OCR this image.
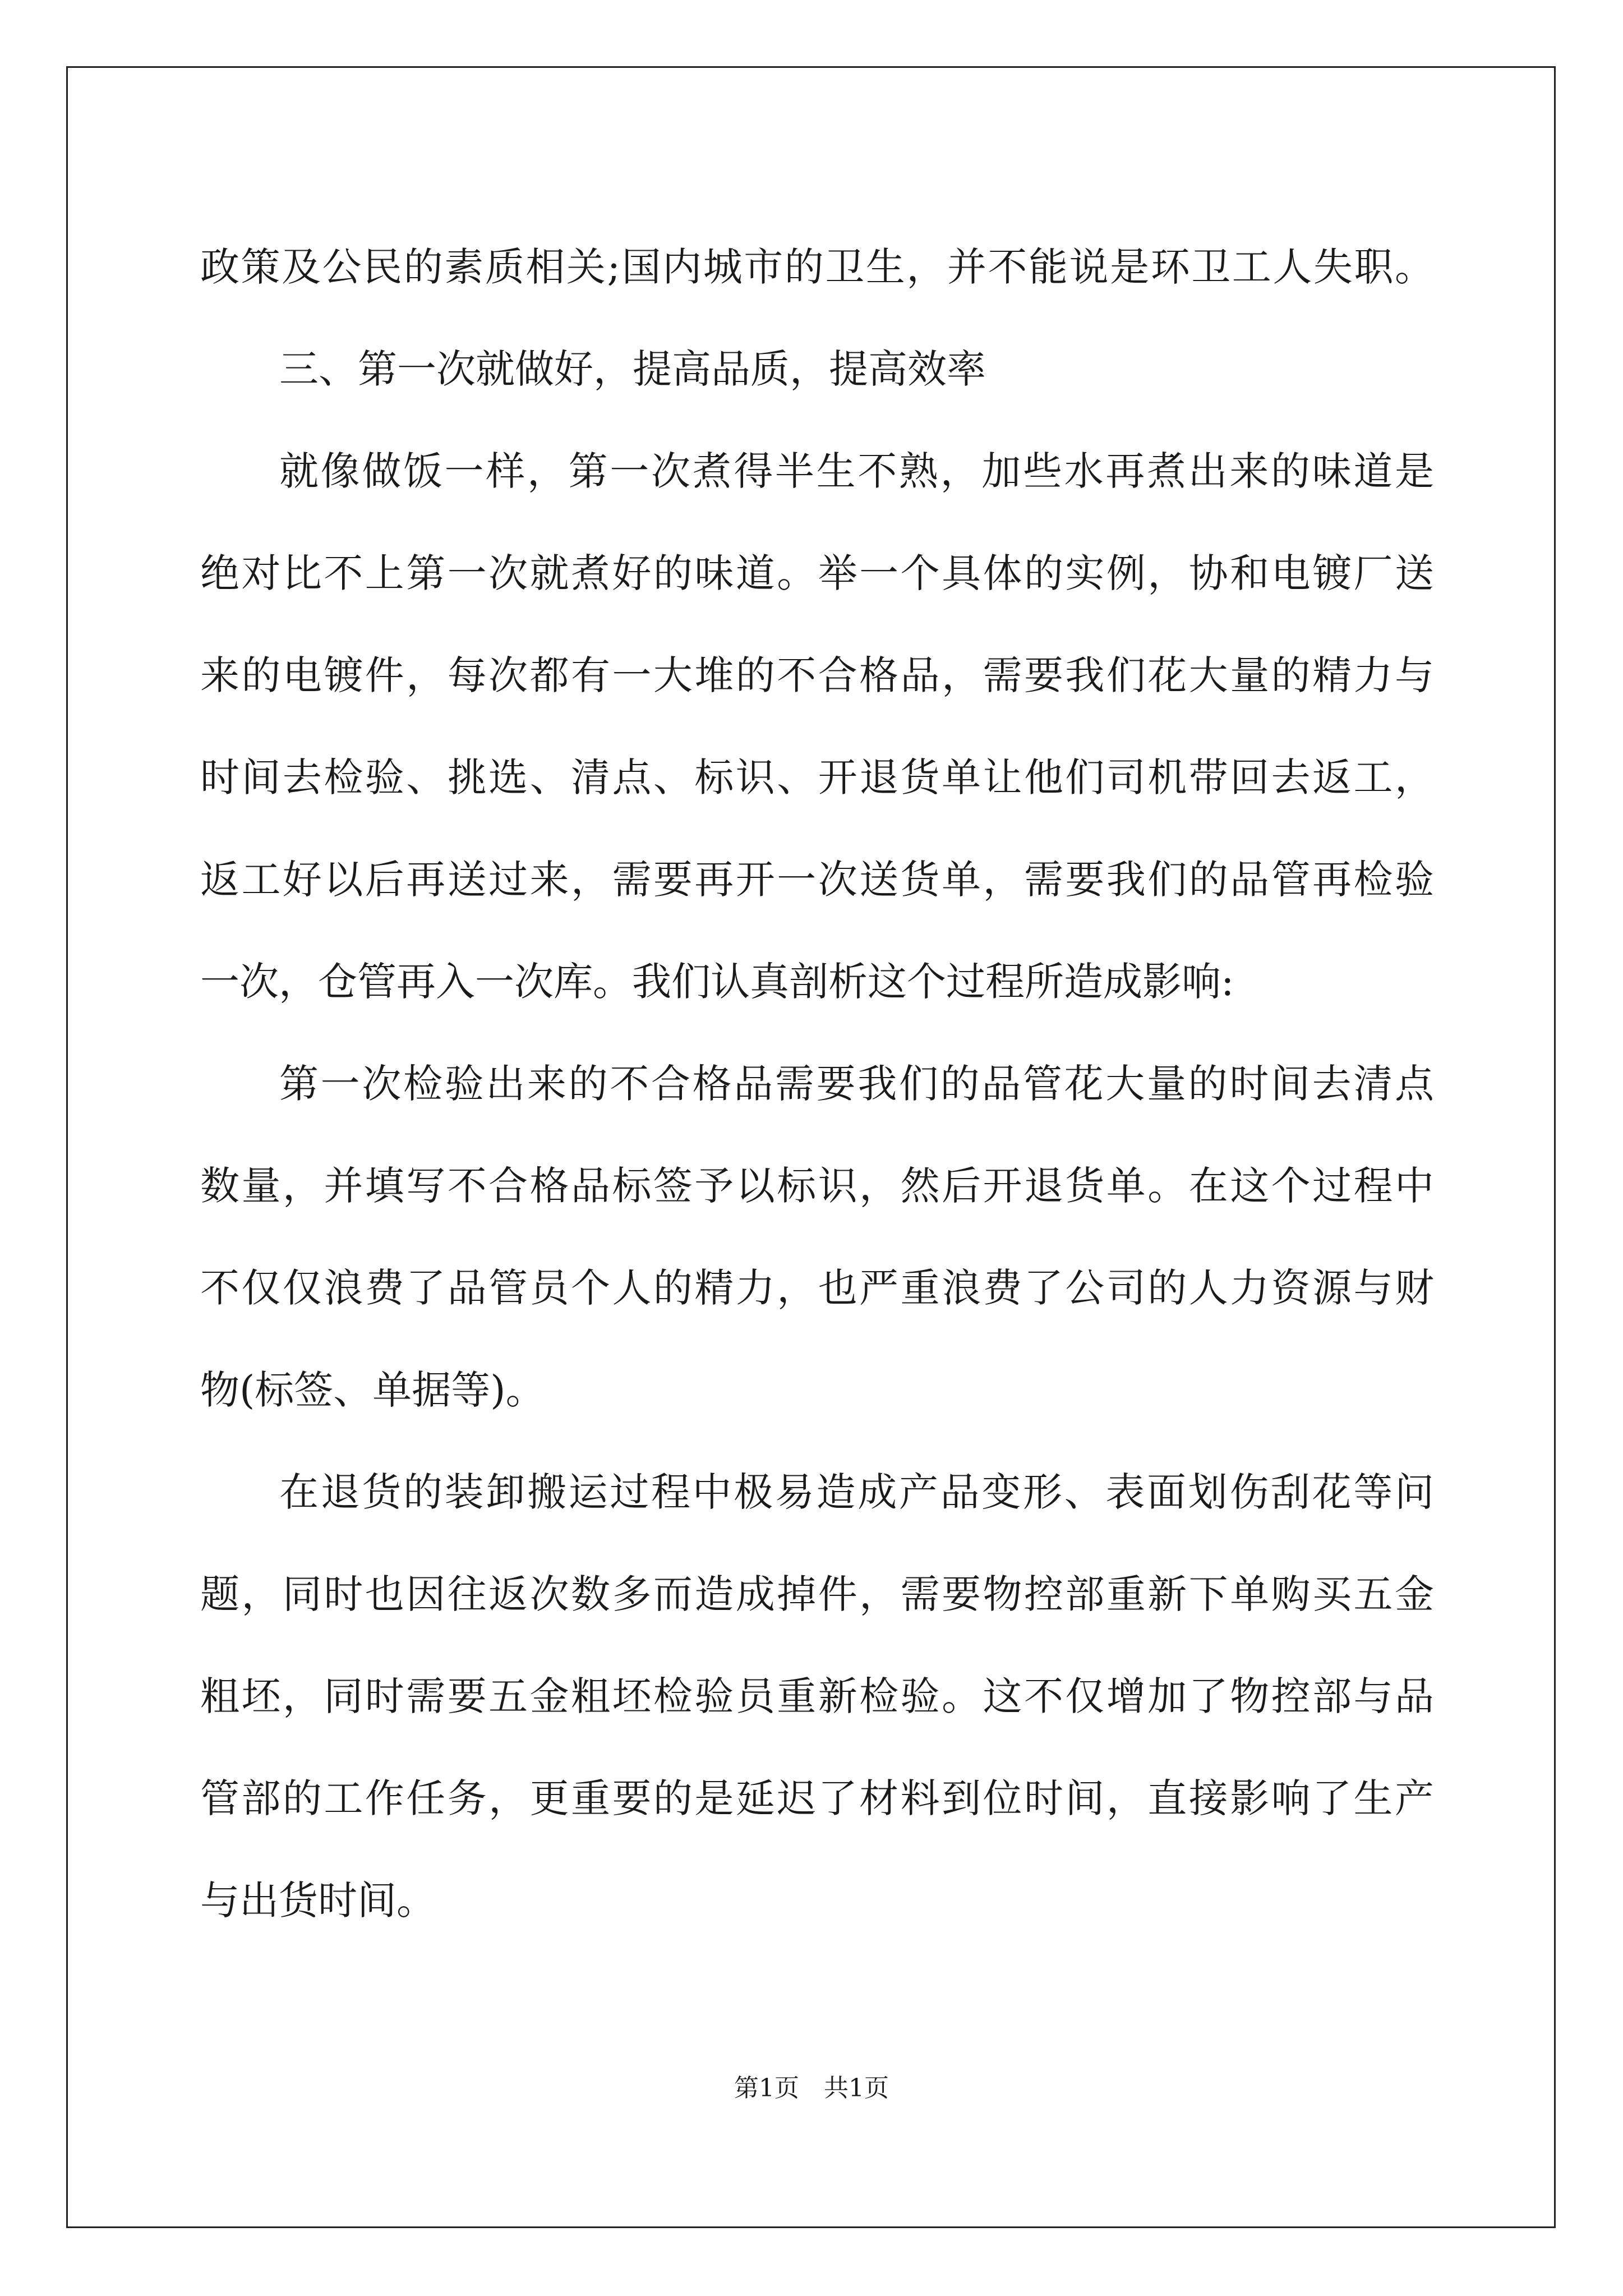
政策及公民的素质相关;国内城市的卫生，并不能说是环卫工人失职。
三、第一次就做好，提高品质，提高效率
就像做饭一样，第一次煮得半生不熟，加些水再煮出来的味道是
绝对比不上第一次就煮好的味道。举一个具体的实例，协和电镀厂送
来的电镀件，每次都有一大堆的不合格品，需要我们花大量的精力与
时间去检验、挑选、清点、标识、开退货单让他们司机带回去返工，
返工好以后再送过来，需要再开一次送货单，需要我们的品管再检验
一次，仓管再入一次库。我们认真剖析这个过程所造成影响:
第一次检验出来的不合格品需要我们的品管花大量的时间去清点
数量，并填写不合格品标签予以标识，然后开退货单。在这个过程中
不仅仅浪费了品管员个人的精力，也严重浪费了公司的人力资源与财
物(标签、单据等)。
在退货的装卸搬运过程中极易造成产品变形、表面划伤刮花等问
题，同时也因往返次数多而造成掉件，需要物控部重新下单购买五金
粗坯，同时需要五金粗坯检验员重新检验。这不仅增加了物控部与品
管部的工作任务，更重要的是延迟了材料到位时间，直接影响了生产
与出货时间。
第1页 共1页
